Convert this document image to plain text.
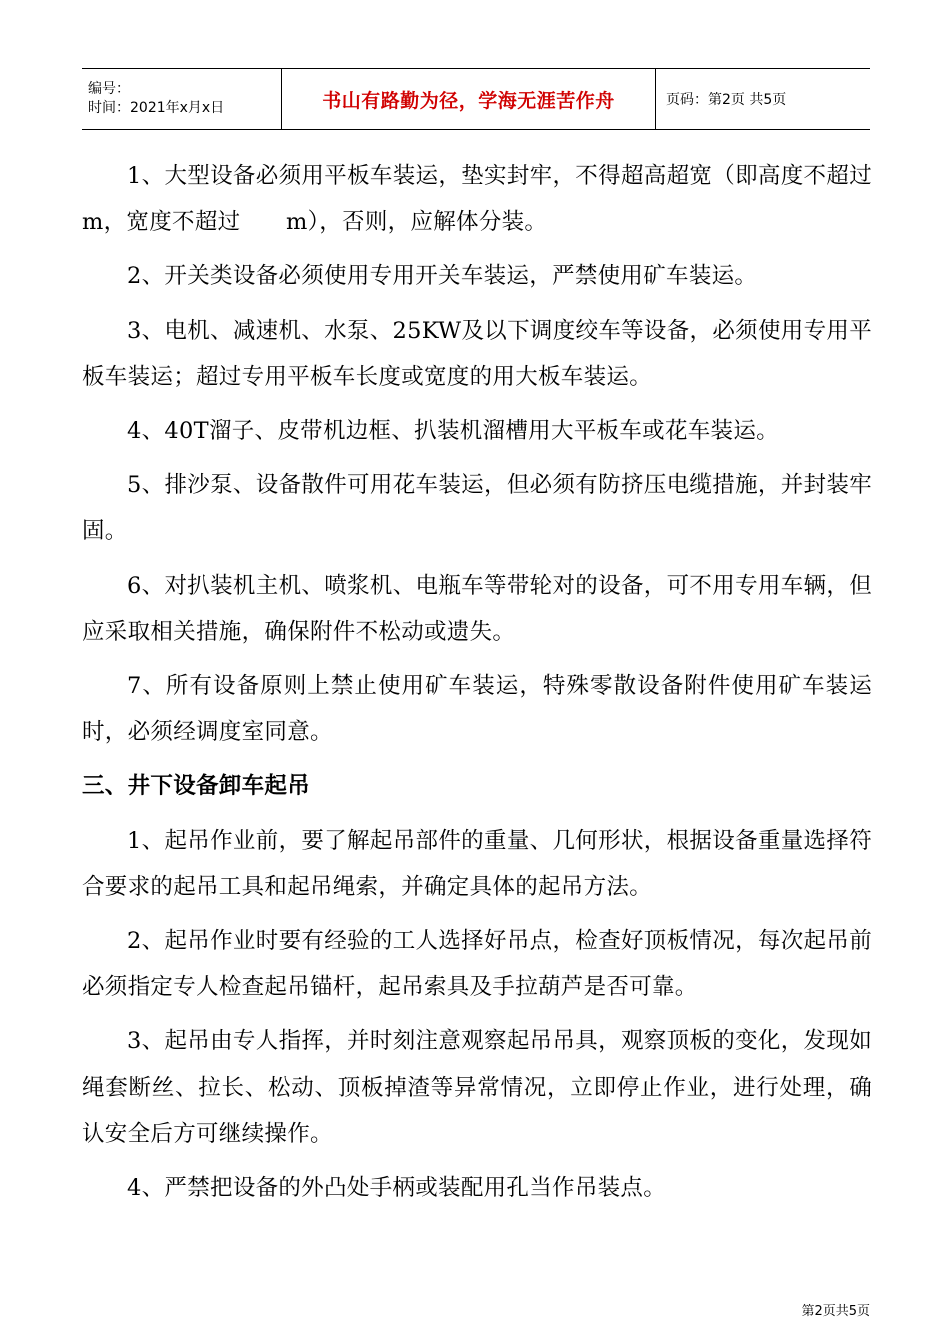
编号：
时间：2021年x月x日	书山有路勤为径，学海无涯苦作舟	页码：第2页 共5页

1、大型设备必须用平板车装运，垫实封牢，不得超高超宽（即高度不超过　m，宽度不超过　　m），否则，应解体分装。

2、开关类设备必须使用专用开关车装运，严禁使用矿车装运。

3、电机、减速机、水泵、25KW及以下调度绞车等设备，必须使用专用平板车装运；超过专用平板车长度或宽度的用大板车装运。

4、40T溜子、皮带机边框、扒装机溜槽用大平板车或花车装运。

5、排沙泵、设备散件可用花车装运，但必须有防挤压电缆措施，并封装牢固。

6、对扒装机主机、喷浆机、电瓶车等带轮对的设备，可不用专用车辆，但应采取相关措施，确保附件不松动或遗失。

7、所有设备原则上禁止使用矿车装运，特殊零散设备附件使用矿车装运时，必须经调度室同意。

三、井下设备卸车起吊

1、起吊作业前，要了解起吊部件的重量、几何形状，根据设备重量选择符合要求的起吊工具和起吊绳索，并确定具体的起吊方法。

2、起吊作业时要有经验的工人选择好吊点，检查好顶板情况，每次起吊前必须指定专人检查起吊锚杆，起吊索具及手拉葫芦是否可靠。

3、起吊由专人指挥，并时刻注意观察起吊吊具，观察顶板的变化，发现如绳套断丝、拉长、松动、顶板掉渣等异常情况，立即停止作业，进行处理，确认安全后方可继续操作。

4、严禁把设备的外凸处手柄或装配用孔当作吊装点。

第2页共5页
